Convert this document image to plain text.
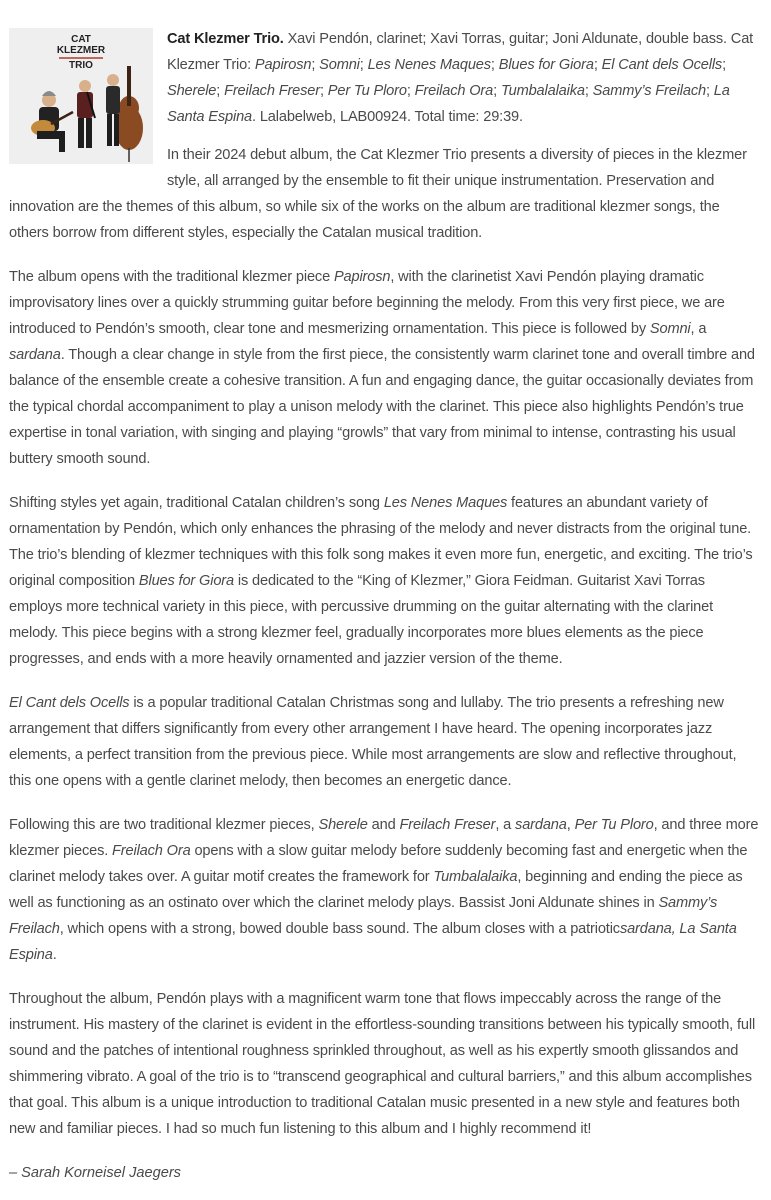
CAT
KLEZMER
TRIO

Cat Klezmer Trio. Xavi Pendón, clarinet; Xavi Torras, guitar; Joni Aldunate, double bass. Cat Klezmer Trio: Papirosn; Somni; Les Nenes Maques; Blues for Giora; El Cant dels Ocells; Sherele; Freilach Freser; Per Tu Ploro; Freilach Ora; Tumbalalaika; Sammy’s Freilach; La Santa Espina. Lalabelweb, LAB00924. Total time: 29:39.

In their 2024 debut album, the Cat Klezmer Trio presents a diversity of pieces in the klezmer style, all arranged by the ensemble to fit their unique instrumentation. Preservation and innovation are the themes of this album, so while six of the works on the album are traditional klezmer songs, the others borrow from different styles, especially the Catalan musical tradition.

The album opens with the traditional klezmer piece Papirosn, with the clarinetist Xavi Pendón playing dramatic improvisatory lines over a quickly strumming guitar before beginning the melody. From this very first piece, we are introduced to Pendón’s smooth, clear tone and mesmerizing ornamentation. This piece is followed by Somni, a sardana. Though a clear change in style from the first piece, the consistently warm clarinet tone and overall timbre and balance of the ensemble create a cohesive transition. A fun and engaging dance, the guitar occasionally deviates from the typical chordal accompaniment to play a unison melody with the clarinet. This piece also highlights Pendón’s true expertise in tonal variation, with singing and playing “growls” that vary from minimal to intense, contrasting his usual buttery smooth sound.

Shifting styles yet again, traditional Catalan children’s song Les Nenes Maques features an abundant variety of ornamentation by Pendón, which only enhances the phrasing of the melody and never distracts from the original tune. The trio’s blending of klezmer techniques with this folk song makes it even more fun, energetic, and exciting. The trio’s original composition Blues for Giora is dedicated to the “King of Klezmer,” Giora Feidman. Guitarist Xavi Torras employs more technical variety in this piece, with percussive drumming on the guitar alternating with the clarinet melody. This piece begins with a strong klezmer feel, gradually incorporates more blues elements as the piece progresses, and ends with a more heavily ornamented and jazzier version of the theme.

El Cant dels Ocells is a popular traditional Catalan Christmas song and lullaby. The trio presents a refreshing new arrangement that differs significantly from every other arrangement I have heard. The opening incorporates jazz elements, a perfect transition from the previous piece. While most arrangements are slow and reflective throughout, this one opens with a gentle clarinet melody, then becomes an energetic dance.

Following this are two traditional klezmer pieces, Sherele and Freilach Freser, a sardana, Per Tu Ploro, and three more klezmer pieces. Freilach Ora opens with a slow guitar melody before suddenly becoming fast and energetic when the clarinet melody takes over. A guitar motif creates the framework for Tumbalalaika, beginning and ending the piece as well as functioning as an ostinato over which the clarinet melody plays. Bassist Joni Aldunate shines in Sammy’s Freilach, which opens with a strong, bowed double bass sound. The album closes with a patrioticsardana, La Santa Espina.

Throughout the album, Pendón plays with a magnificent warm tone that flows impeccably across the range of the instrument. His mastery of the clarinet is evident in the effortless-sounding transitions between his typically smooth, full sound and the patches of intentional roughness sprinkled throughout, as well as his expertly smooth glissandos and shimmering vibrato. A goal of the trio is to “transcend geographical and cultural barriers,” and this album accomplishes that goal. This album is a unique introduction to traditional Catalan music presented in a new style and features both new and familiar pieces. I had so much fun listening to this album and I highly recommend it!

– Sarah Korneisel Jaegers
